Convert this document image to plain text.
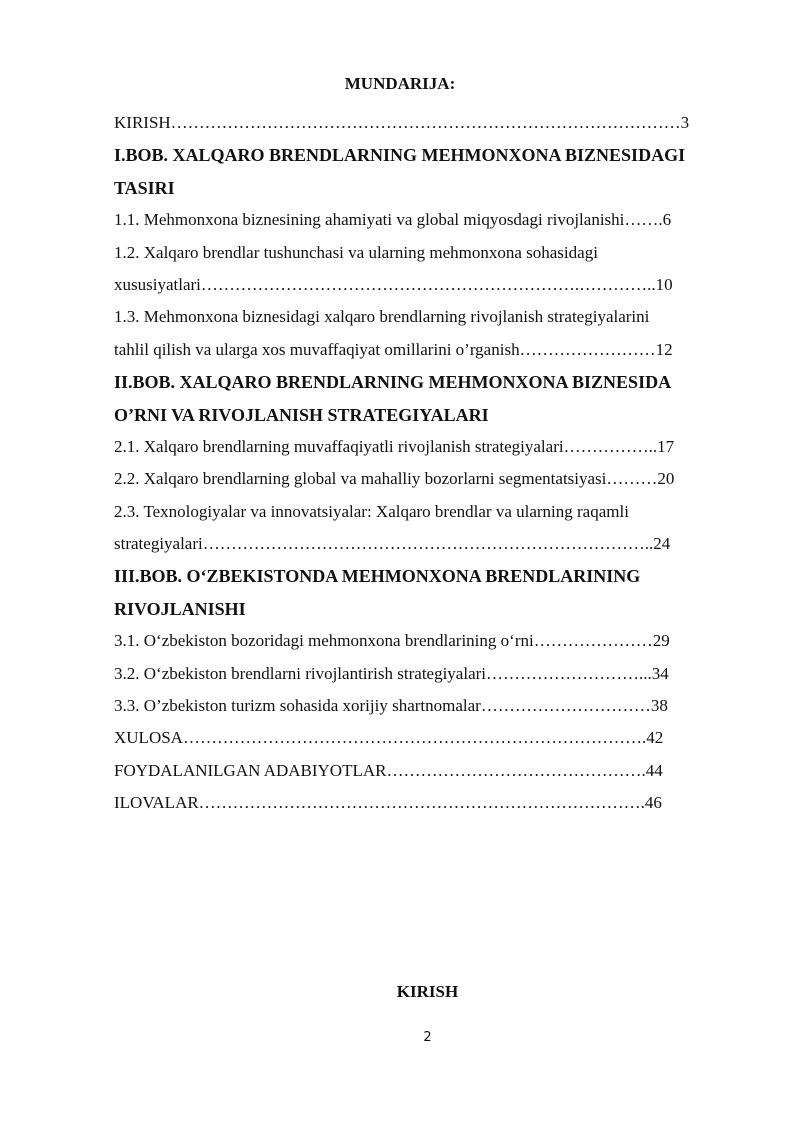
MUNDARIJA:
KIRISH………………………………………………………………………………3
I.BOB. XALQARO BRENDLARNING MEHMONXONA BIZNESIDAGI
TASIRI
1.1. Mehmonxona biznesining ahamiyati va global miqyosdagi rivojlanishi…….6
1.2. Xalqaro brendlar tushunchasi va ularning mehmonxona sohasidagi
xususiyatlari………………………………………………………….…………..10
1.3. Mehmonxona biznesidagi xalqaro brendlarning rivojlanish strategiyalarini
tahlil qilish va ularga xos muvaffaqiyat omillarini o’rganish……………………12
II.BOB. XALQARO BRENDLARNING MEHMONXONA BIZNESIDA
O’RNI VA RIVOJLANISH STRATEGIYALARI
2.1. Xalqaro brendlarning muvaffaqiyatli rivojlanish strategiyalari……………..17
2.2. Xalqaro brendlarning global va mahalliy bozorlarni segmentatsiyasi………20
2.3. Texnologiyalar va innovatsiyalar: Xalqaro brendlar va ularning raqamli
strategiyalari……………………………………………………………………..24
III.BOB. O‘ZBEKISTONDA MEHMONXONA BRENDLARINING
RIVOJLANISHI
3.1. O‘zbekiston bozoridagi mehmonxona brendlarining o‘rni…………………29
3.2. O‘zbekiston brendlarni rivojlantirish strategiyalari………………………...34
3.3. O’zbekiston turizm sohasida xorijiy shartnomalar…………………………38
XULOSA……………………………………………………………………….42
FOYDALANILGAN ADABIYOTLAR……………………………………….44
ILOVALAR…………………………………………………………………….46
KIRISH
2
